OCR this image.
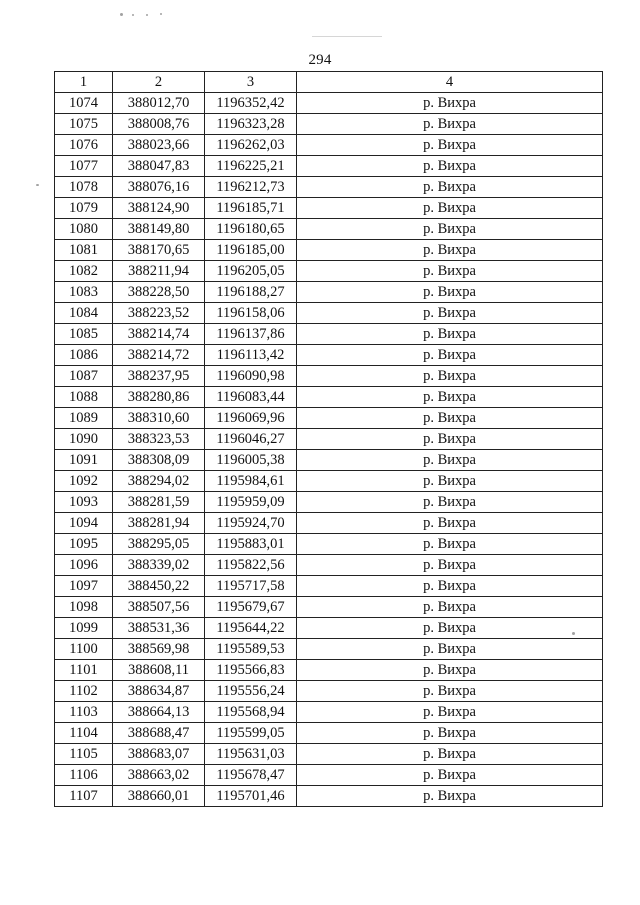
294
1	2	3	4
1074	388012,70	1196352,42	р. Вихра
1075	388008,76	1196323,28	р. Вихра
1076	388023,66	1196262,03	р. Вихра
1077	388047,83	1196225,21	р. Вихра
1078	388076,16	1196212,73	р. Вихра
1079	388124,90	1196185,71	р. Вихра
1080	388149,80	1196180,65	р. Вихра
1081	388170,65	1196185,00	р. Вихра
1082	388211,94	1196205,05	р. Вихра
1083	388228,50	1196188,27	р. Вихра
1084	388223,52	1196158,06	р. Вихра
1085	388214,74	1196137,86	р. Вихра
1086	388214,72	1196113,42	р. Вихра
1087	388237,95	1196090,98	р. Вихра
1088	388280,86	1196083,44	р. Вихра
1089	388310,60	1196069,96	р. Вихра
1090	388323,53	1196046,27	р. Вихра
1091	388308,09	1196005,38	р. Вихра
1092	388294,02	1195984,61	р. Вихра
1093	388281,59	1195959,09	р. Вихра
1094	388281,94	1195924,70	р. Вихра
1095	388295,05	1195883,01	р. Вихра
1096	388339,02	1195822,56	р. Вихра
1097	388450,22	1195717,58	р. Вихра
1098	388507,56	1195679,67	р. Вихра
1099	388531,36	1195644,22	р. Вихра
1100	388569,98	1195589,53	р. Вихра
1101	388608,11	1195566,83	р. Вихра
1102	388634,87	1195556,24	р. Вихра
1103	388664,13	1195568,94	р. Вихра
1104	388688,47	1195599,05	р. Вихра
1105	388683,07	1195631,03	р. Вихра
1106	388663,02	1195678,47	р. Вихра
1107	388660,01	1195701,46	р. Вихра
